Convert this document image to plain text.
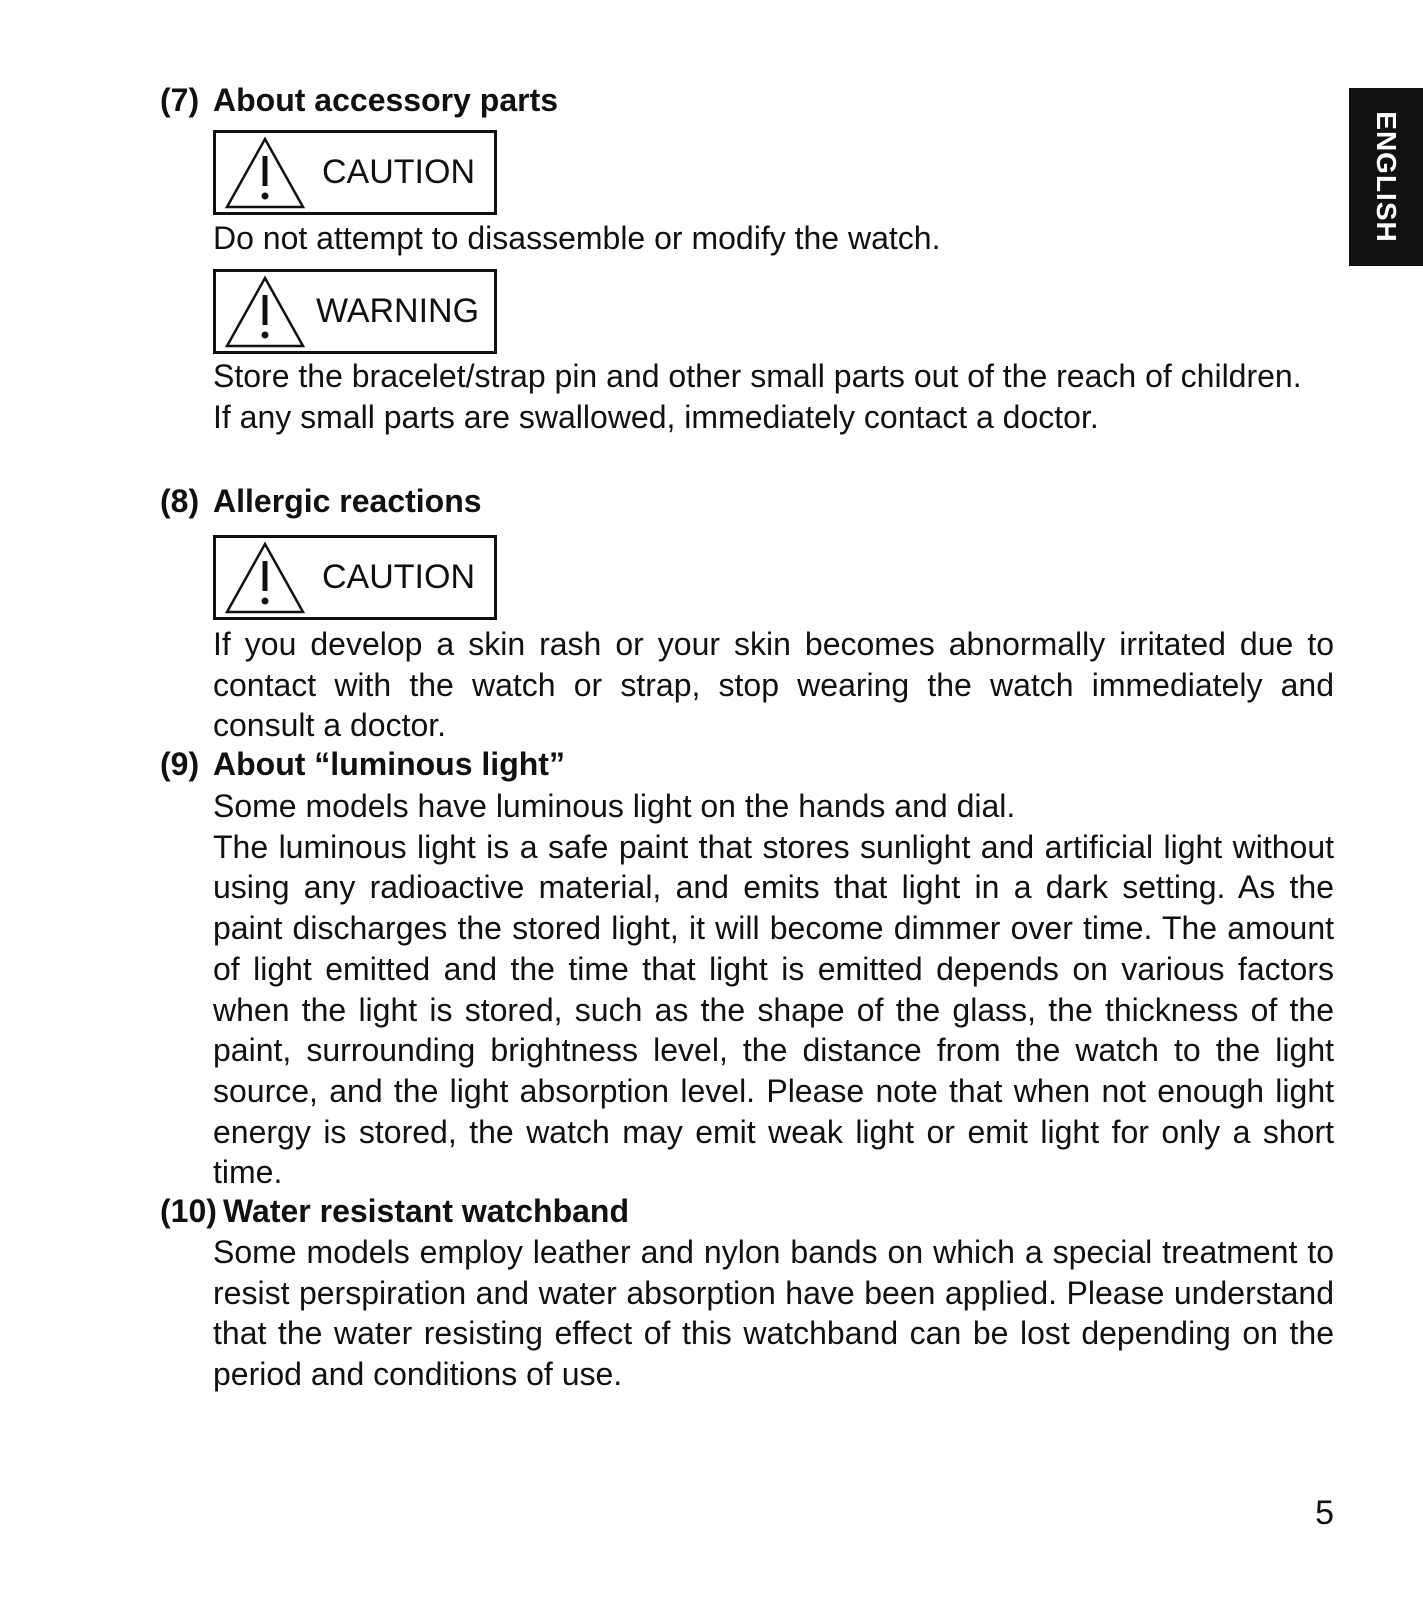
ENGLISH
(7) About accessory parts
CAUTION

Do not attempt to disassemble or modify the watch.

WARNING

Store the bracelet/strap pin and other small parts out of the reach of children.

If any small parts are swallowed, immediately contact a doctor.

(8) Allergic reactions
CAUTION

If you develop a skin rash or your skin becomes abnormally irritated due to contact with the watch or strap, stop wearing the watch immediately and consult a doctor.

(9) About “luminous light”

Some models have luminous light on the hands and dial.

The luminous light is a safe paint that stores sunlight and artificial light without using any radioactive material, and emits that light in a dark setting. As the paint discharges the stored light, it will become dimmer over time. The amount of light emitted and the time that light is emitted depends on various factors when the light is stored, such as the shape of the glass, the thickness of the paint, surrounding brightness level, the distance from the watch to the light source, and the light absorption level. Please note that when not enough light energy is stored, the watch may emit weak light or emit light for only a short time.

(10) Water resistant watchband

Some models employ leather and nylon bands on which a special treatment to resist perspiration and water absorption have been applied. Please understand that the water resisting effect of this watchband can be lost depending on the period and conditions of use.

5
